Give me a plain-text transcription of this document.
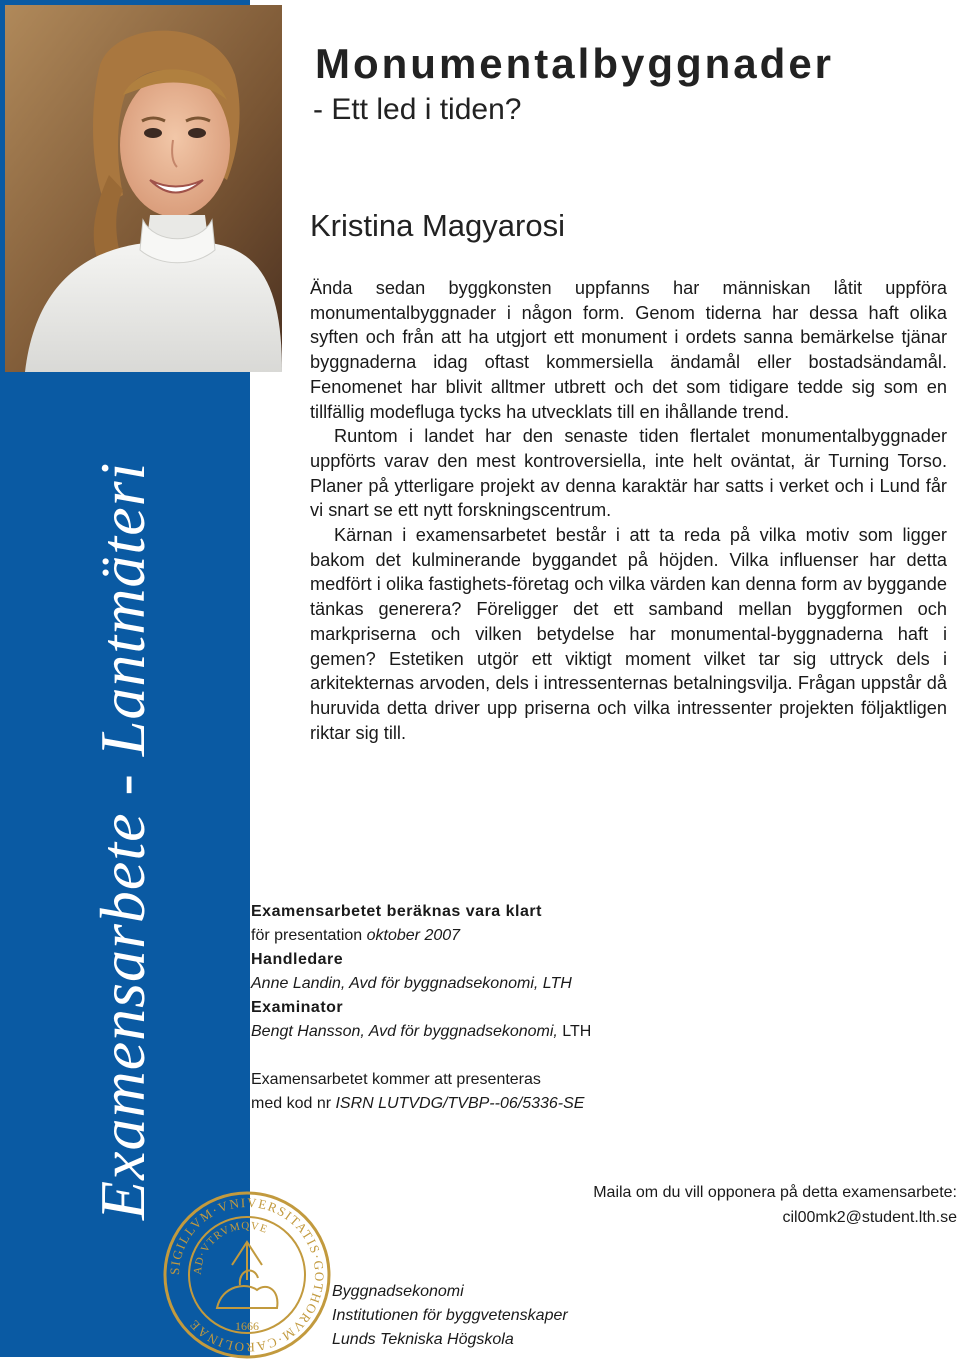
Examensarbete - Lantmäteri
SIGILLVM·VNIVERSITATIS·GOTHORVM·CAROLINAE
AD·VTRVMQVE
1666
Monumentalbyggnader
- Ett led i tiden?
Kristina Magyarosi

Ända sedan byggkonsten uppfanns har människan låtit uppföra monumentalbyggnader i någon form. Genom tiderna har dessa haft olika syften och från att ha utgjort ett monument i ordets sanna bemärkelse tjänar byggnaderna idag oftast kommersiella ändamål eller bostadsändamål. Fenomenet har blivit alltmer utbrett och det som tidigare tedde sig som en tillfällig modefluga tycks ha utvecklats till en ihållande trend.

Runtom i landet har den senaste tiden flertalet monumentalbyggnader uppförts varav den mest kontroversiella, inte helt oväntat, är Turning Torso. Planer på ytterligare projekt av denna karaktär har satts i verket och i Lund får vi snart se ett nytt forskningscentrum.

Kärnan i examensarbetet består i att ta reda på vilka motiv som ligger bakom det kulminerande byggandet på höjden. Vilka influenser har detta medfört i olika fastighets-företag och vilka värden kan denna form av byggande tänkas generera? Föreligger det ett samband mellan byggformen och markpriserna och vilken betydelse har monumental-byggnaderna haft i gemen? Estetiken utgör ett viktigt moment vilket tar sig uttryck dels i arkitekternas arvoden, dels i intressenternas betalningsvilja. Frågan uppstår då huruvida detta driver upp priserna och vilka intressenter projekten följaktligen riktar sig till.

Examensarbetet beräknas vara klart
för presentation oktober 2007
Handledare
Anne Landin, Avd för byggnadsekonomi, LTH
Examinator
Bengt Hansson, Avd för byggnadsekonomi, LTH
Examensarbetet kommer att presenteras
med kod nr ISRN LUTVDG/TVBP--06/5336-SE
Maila om du vill opponera på detta examensarbete:
cil00mk2@student.lth.se
Byggnadsekonomi
Institutionen för byggvetenskaper
Lunds Tekniska Högskola
